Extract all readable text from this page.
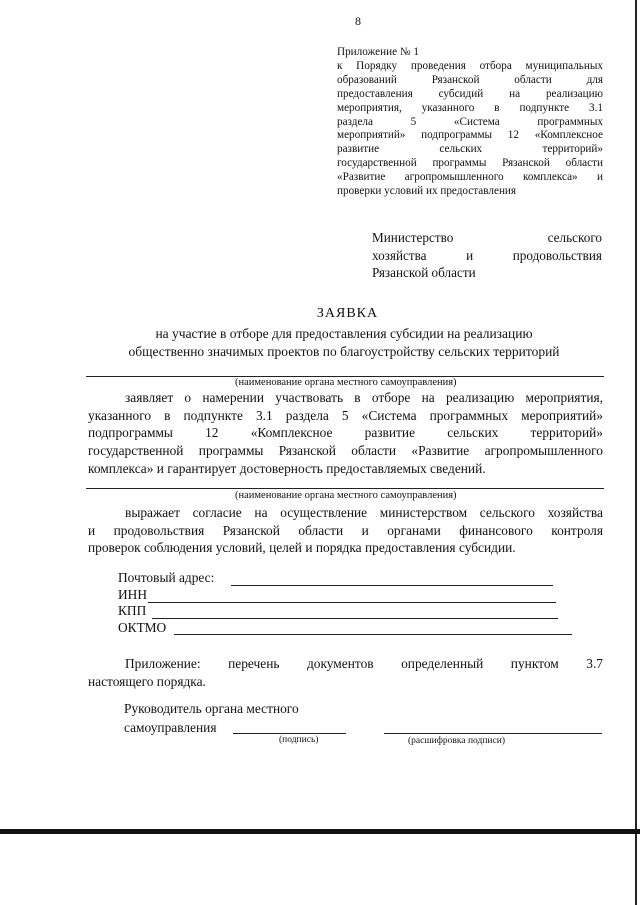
8
Приложение № 1
к Порядку проведения отбора муниципальных
образований Рязанской области для
предоставления субсидий на реализацию
мероприятия, указанного в подпункте 3.1
раздела 5 «Система программных
мероприятий» подпрограммы 12 «Комплексное
развитие сельских территорий»
государственной программы Рязанской области
«Развитие агропромышленного комплекса» и
проверки условий их предоставления
Министерство сельского
хозяйства и продовольствия
Рязанской области
ЗАЯВКА
на участие в отборе для предоставления субсидии на реализацию
общественно значимых проектов по благоустройству сельских территорий
(наименование органа местного самоуправления)
заявляет о намерении участвовать в отборе на реализацию мероприятия,
указанного в подпункте 3.1 раздела 5 «Система программных мероприятий»
подпрограммы 12 «Комплексное развитие сельских территорий»
государственной программы Рязанской области «Развитие агропромышленного
комплекса» и гарантирует достоверность предоставляемых сведений.
(наименование органа местного самоуправления)
выражает согласие на осуществление министерством сельского хозяйства
и продовольствия Рязанской области и органами финансового контроля
проверок соблюдения условий, целей и порядка предоставления субсидии.
Почтовый адрес:
ИНН
КПП
ОКТМО
Приложение: перечень документов определенный пунктом 3.7
настоящего порядка.
Руководитель органа местного
самоуправления
(подпись)	(расшифровка подписи)
